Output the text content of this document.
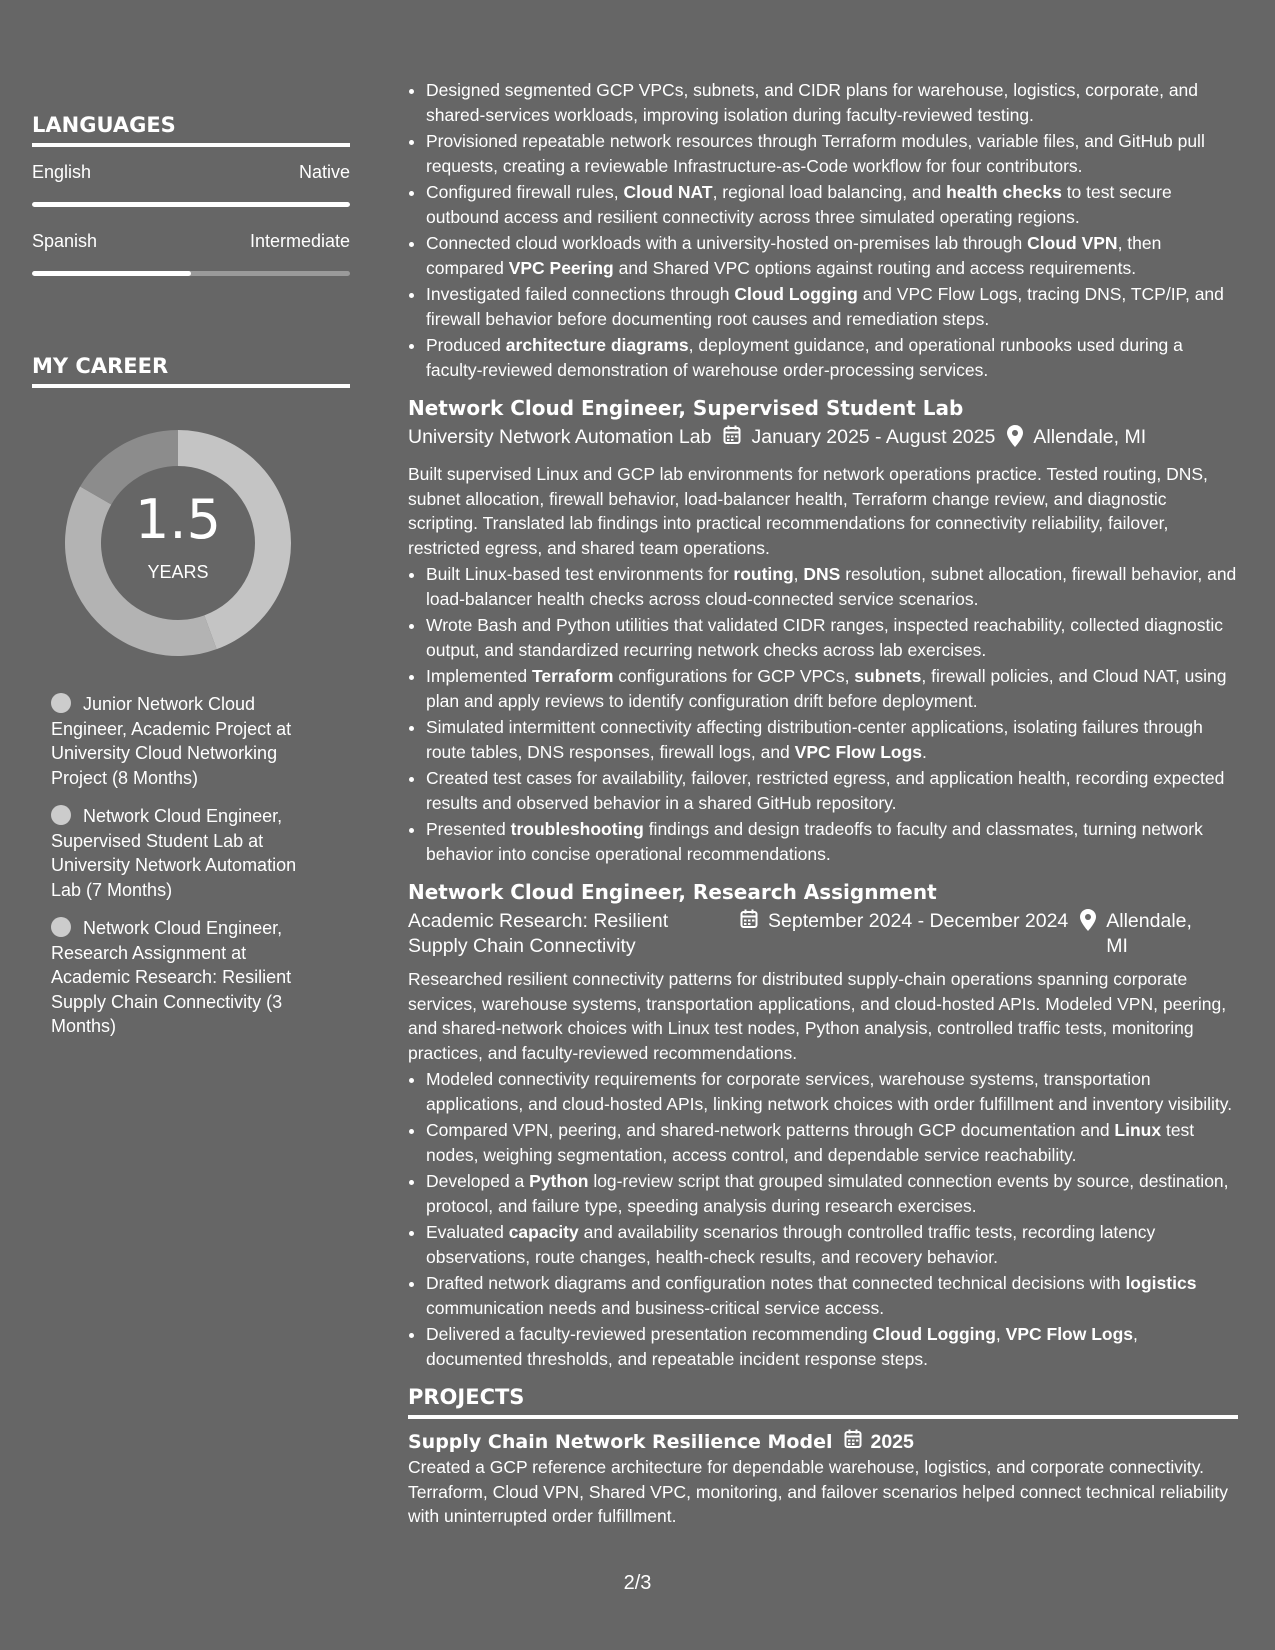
LANGUAGES
English	Native
Spanish	Intermediate
MY CAREER
1.5
YEARS
Junior Network Cloud Engineer, Academic Project at University Cloud Networking Project (8 Months)
Network Cloud Engineer, Supervised Student Lab at University Network Automation Lab (7 Months)
Network Cloud Engineer, Research Assignment at Academic Research: Resilient Supply Chain Connectivity (3 Months)
• Designed segmented GCP VPCs, subnets, and CIDR plans for warehouse, logistics, corporate, and shared-services workloads, improving isolation during faculty-reviewed testing.
• Provisioned repeatable network resources through Terraform modules, variable files, and GitHub pull requests, creating a reviewable Infrastructure-as-Code workflow for four contributors.
• Configured firewall rules, Cloud NAT, regional load balancing, and health checks to test secure outbound access and resilient connectivity across three simulated operating regions.
• Connected cloud workloads with a university-hosted on-premises lab through Cloud VPN, then compared VPC Peering and Shared VPC options against routing and access requirements.
• Investigated failed connections through Cloud Logging and VPC Flow Logs, tracing DNS, TCP/IP, and firewall behavior before documenting root causes and remediation steps.
• Produced architecture diagrams, deployment guidance, and operational runbooks used during a faculty-reviewed demonstration of warehouse order-processing services.
Network Cloud Engineer, Supervised Student Lab
University Network Automation Lab January 2025 - August 2025 Allendale, MI

Built supervised Linux and GCP lab environments for network operations practice. Tested routing, DNS, subnet allocation, firewall behavior, load-balancer health, Terraform change review, and diagnostic scripting. Translated lab findings into practical recommendations for connectivity reliability, failover, restricted egress, and shared team operations.

• Built Linux-based test environments for routing, DNS resolution, subnet allocation, firewall behavior, and load-balancer health checks across cloud-connected service scenarios.
• Wrote Bash and Python utilities that validated CIDR ranges, inspected reachability, collected diagnostic output, and standardized recurring network checks across lab exercises.
• Implemented Terraform configurations for GCP VPCs, subnets, firewall policies, and Cloud NAT, using plan and apply reviews to identify configuration drift before deployment.
• Simulated intermittent connectivity affecting distribution-center applications, isolating failures through route tables, DNS responses, firewall logs, and VPC Flow Logs.
• Created test cases for availability, failover, restricted egress, and application health, recording expected results and observed behavior in a shared GitHub repository.
• Presented troubleshooting findings and design tradeoffs to faculty and classmates, turning network behavior into concise operational recommendations.
Network Cloud Engineer, Research Assignment
Academic Research: Resilient Supply Chain Connectivity
September 2024 - December 2024 Allendale, MI

Researched resilient connectivity patterns for distributed supply-chain operations spanning corporate services, warehouse systems, transportation applications, and cloud-hosted APIs. Modeled VPN, peering, and shared-network choices with Linux test nodes, Python analysis, controlled traffic tests, monitoring practices, and faculty-reviewed recommendations.

• Modeled connectivity requirements for corporate services, warehouse systems, transportation applications, and cloud-hosted APIs, linking network choices with order fulfillment and inventory visibility.
• Compared VPN, peering, and shared-network patterns through GCP documentation and Linux test nodes, weighing segmentation, access control, and dependable service reachability.
• Developed a Python log-review script that grouped simulated connection events by source, destination, protocol, and failure type, speeding analysis during research exercises.
• Evaluated capacity and availability scenarios through controlled traffic tests, recording latency observations, route changes, health-check results, and recovery behavior.
• Drafted network diagrams and configuration notes that connected technical decisions with logistics communication needs and business-critical service access.
• Delivered a faculty-reviewed presentation recommending Cloud Logging, VPC Flow Logs, documented thresholds, and repeatable incident response steps.
PROJECTS
Supply Chain Network Resilience Model 2025

Created a GCP reference architecture for dependable warehouse, logistics, and corporate connectivity. Terraform, Cloud VPN, Shared VPC, monitoring, and failover scenarios helped connect technical reliability with uninterrupted order fulfillment.

2/3
